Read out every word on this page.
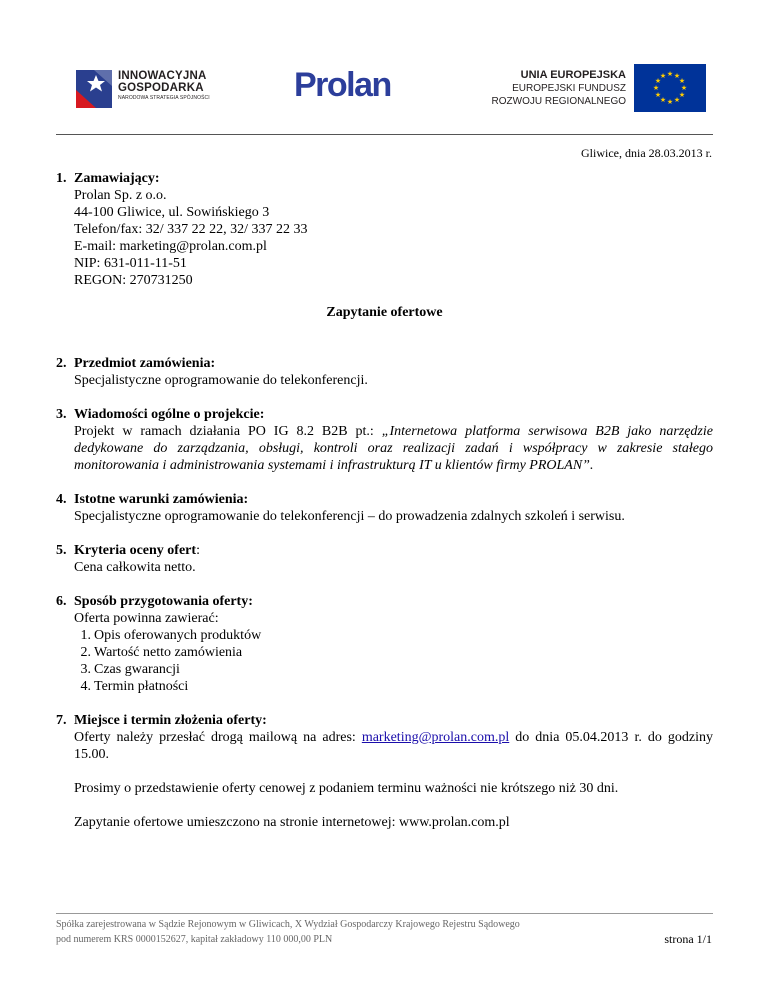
INNOWACYJNA
GOSPODARKA
NARODOWA STRATEGIA SPÓJNOŚCI Prolan	UNIA EUROPEJSKA
EUROPEJSKI FUNDUSZ
ROZWOJU REGIONALNEGO
★ ★
★
★
★
★
★
★
★
★
★
★
Gliwice, dnia 28.03.2013 r.
1. Zamawiający:
Prolan Sp. z o.o.
44-100 Gliwice, ul. Sowińskiego 3
Telefon/fax: 32/ 337 22 22, 32/ 337 22 33
E-mail: marketing@prolan.com.pl
NIP: 631-011-11-51
REGON: 270731250
Zapytanie ofertowe
2. Przedmiot zamówienia:
Specjalistyczne oprogramowanie do telekonferencji.
3. Wiadomości ogólne o projekcie:
Projekt w ramach działania PO IG 8.2 B2B pt.: „Internetowa platforma serwisowa B2B jako narzędzie dedykowane do zarządzania, obsługi, kontroli oraz realizacji zadań i współpracy w zakresie stałego monitorowania i administrowania systemami i infrastrukturą IT u klientów firmy PROLAN”.
4. Istotne warunki zamówienia:
Specjalistyczne oprogramowanie do telekonferencji – do prowadzenia zdalnych szkoleń i serwisu.
5. Kryteria oceny ofert:
Cena całkowita netto.
6. Sposób przygotowania oferty:
Oferta powinna zawierać:
1. Opis oferowanych produktów
2. Wartość netto zamówienia
3. Czas gwarancji
4. Termin płatności
7. Miejsce i termin złożenia oferty:
Oferty należy przesłać drogą mailową na adres: marketing@prolan.com.pl do dnia 05.04.2013 r. do godziny 15.00.
Prosimy o przedstawienie oferty cenowej z podaniem terminu ważności nie krótszego niż 30 dni.
Zapytanie ofertowe umieszczono na stronie internetowej: www.prolan.com.pl
Spółka zarejestrowana w Sądzie Rejonowym w Gliwicach, X Wydział Gospodarczy Krajowego Rejestru Sądowego
pod numerem KRS 0000152627, kapitał zakładowy 110 000,00 PLN	strona 1/1
